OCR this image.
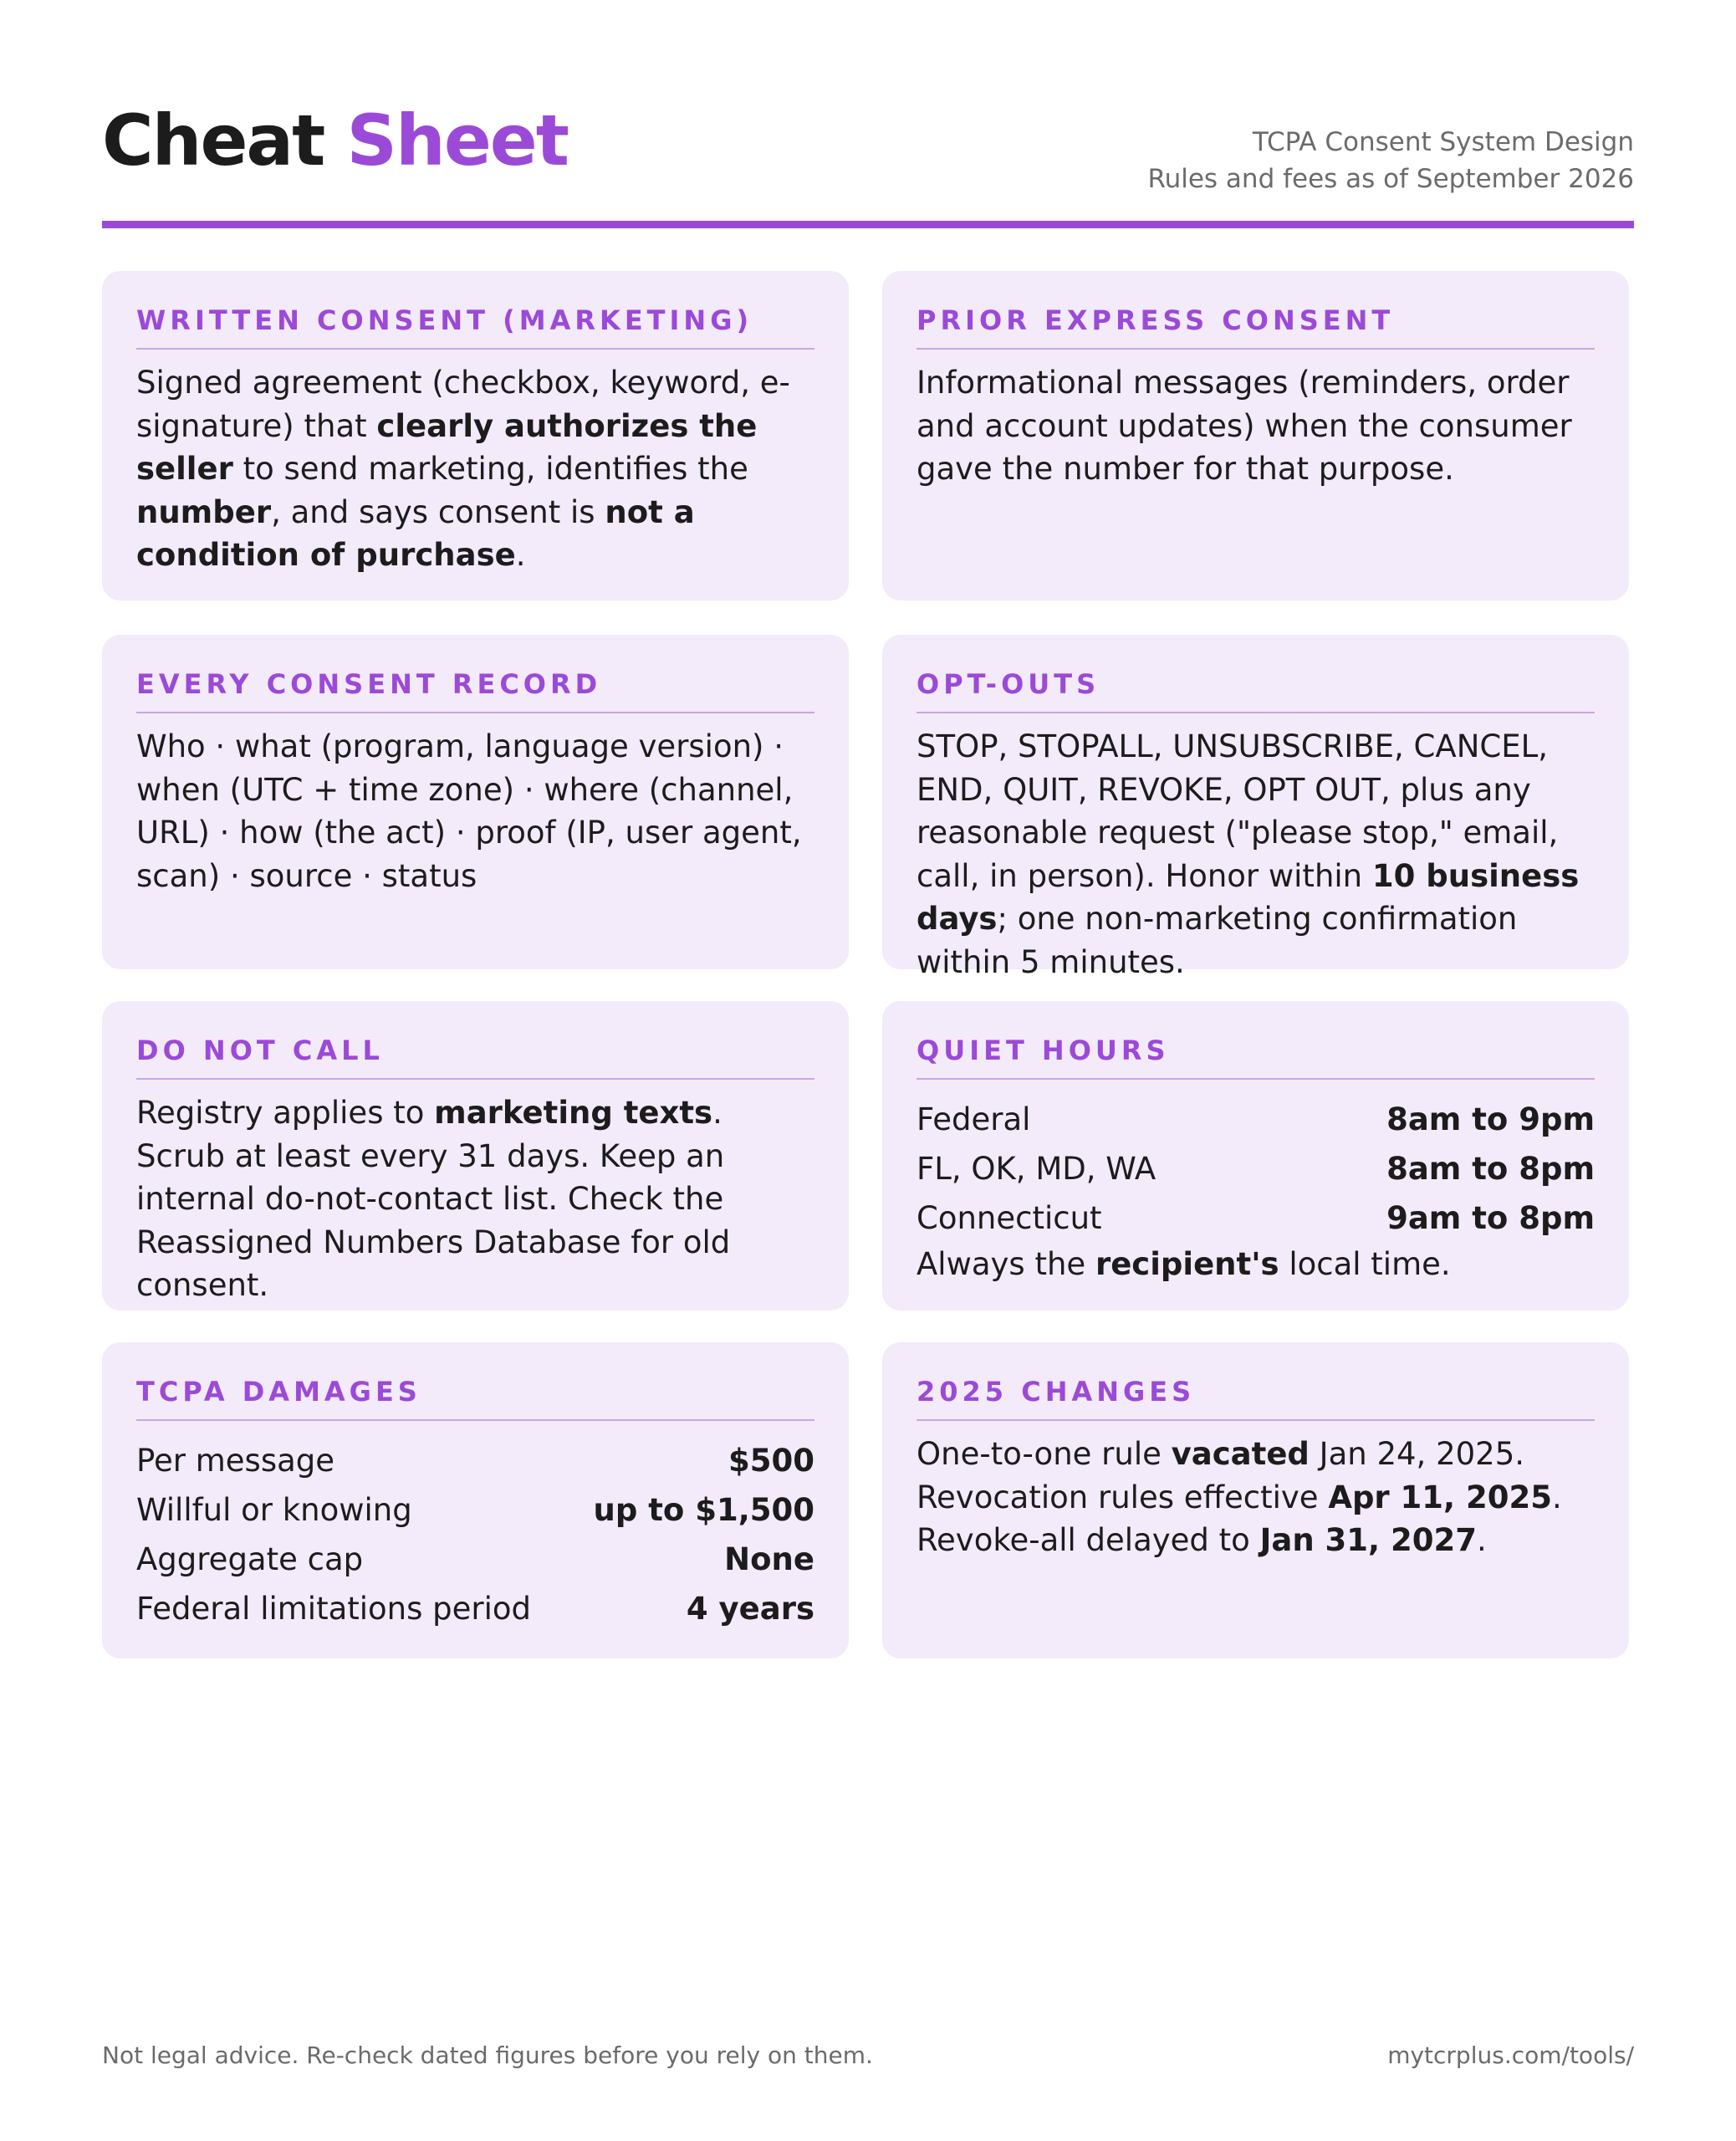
Cheat Sheet	TCPA Consent System Design
Rules and fees as of September 2026
WRITTEN CONSENT (MARKETING)

Signed agreement (checkbox, keyword, e-signature) that clearly authorizes the seller to send marketing, identifies the number, and says consent is not a condition of purchase.

PRIOR EXPRESS CONSENT

Informational messages (reminders, order and account updates) when the consumer gave the number for that purpose.

EVERY CONSENT RECORD

Who · what (program, language version) · when (UTC + time zone) · where (channel, URL) · how (the act) · proof (IP, user agent, scan) · source · status

OPT-OUTS

STOP, STOPALL, UNSUBSCRIBE, CANCEL, END, QUIT, REVOKE, OPT OUT, plus any reasonable request ("please stop," email, call, in person). Honor within 10 business days; one non-marketing confirmation within 5 minutes.

DO NOT CALL

Registry applies to marketing texts. Scrub at least every 31 days. Keep an internal do-not-contact list. Check the Reassigned Numbers Database for old consent.

QUIET HOURS
Federal	8am to 9pm
FL, OK, MD, WA	8am to 8pm
Connecticut	9am to 8pm

Always the recipient's local time.

TCPA DAMAGES
Per message	$500
Willful or knowing	up to $1,500
Aggregate cap	None
Federal limitations period	4 years
2025 CHANGES
One-to-one rule vacated Jan 24, 2025.
Revocation rules effective Apr 11, 2025.
Revoke-all delayed to Jan 31, 2027.
Not legal advice. Re-check dated figures before you rely on them.	mytcrplus.com/tools/
